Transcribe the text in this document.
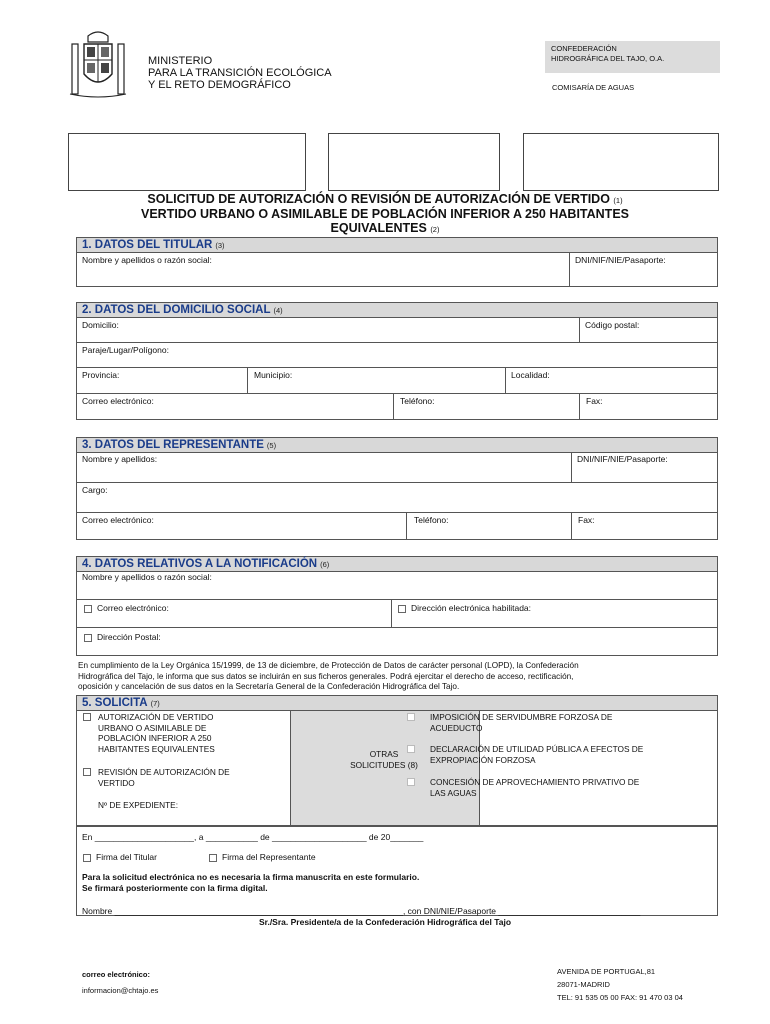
MINISTERIO
PARA LA TRANSICIÓN ECOLÓGICA
Y EL RETO DEMOGRÁFICO
CONFEDERACIÓN
HIDROGRÁFICA DEL TAJO, O.A.
COMISARÍA DE AGUAS
SOLICITUD DE AUTORIZACIÓN O REVISIÓN DE AUTORIZACIÓN DE VERTIDO (1)
VERTIDO URBANO O ASIMILABLE DE POBLACIÓN INFERIOR A 250 HABITANTES
EQUIVALENTES (2)
1. DATOS DEL TITULAR (3)
Nombre y apellidos o razón social:	DNI/NIF/NIE/Pasaporte:
2. DATOS DEL DOMICILIO SOCIAL (4)
Domicilio:	Código postal:
Paraje/Lugar/Polígono:
Provincia:	Municipio:	Localidad:
Correo electrónico:	Teléfono:	Fax:
3. DATOS DEL REPRESENTANTE (5)
Nombre y apellidos:	DNI/NIF/NIE/Pasaporte:
Cargo:
Correo electrónico:	Teléfono:	Fax:
4. DATOS RELATIVOS A LA NOTIFICACIÓN (6)
Nombre y apellidos o razón social:
Correo electrónico:	Dirección electrónica habilitada:
Dirección Postal:
En cumplimiento de la Ley Orgánica 15/1999, de 13 de diciembre, de Protección de Datos de carácter personal (LOPD), la Confederación
Hidrográfica del Tajo, le informa que sus datos se incluirán en sus ficheros generales. Podrá ejercitar el derecho de acceso, rectificación,
oposición y cancelación de sus datos en la Secretaría General de la Confederación Hidrográfica del Tajo.
5. SOLICITA (7)
AUTORIZACIÓN DE VERTIDO
URBANO O ASIMILABLE DE
POBLACIÓN INFERIOR A 250
HABITANTES EQUIVALENTES
REVISIÓN DE AUTORIZACIÓN DE
VERTIDO
Nº DE EXPEDIENTE:
OTRAS
SOLICITUDES (8)
IMPOSICIÓN DE SERVIDUMBRE FORZOSA DE
ACUEDUCTO
DECLARACIÓN DE UTILIDAD PÚBLICA A EFECTOS DE
EXPROPIACIÓN FORZOSA
CONCESIÓN DE APROVECHAMIENTO PRIVATIVO DE
LAS AGUAS
En _____________________, a ___________ de ____________________ de 20_______
Firma del Titular	Firma del Representante
Para la solicitud electrónica no es necesaria la firma manuscrita en este formulario.
Se firmará posteriormente con la firma digital.
Nombre _____________________________________________________________, con DNI/NIE/Pasaporte ______________________________
Sr./Sra. Presidente/a de la Confederación Hidrográfica del Tajo
correo electrónico:
informacion@chtajo.es
AVENIDA DE PORTUGAL,81
28071-MADRID
TEL: 91 535 05 00 FAX: 91 470 03 04
